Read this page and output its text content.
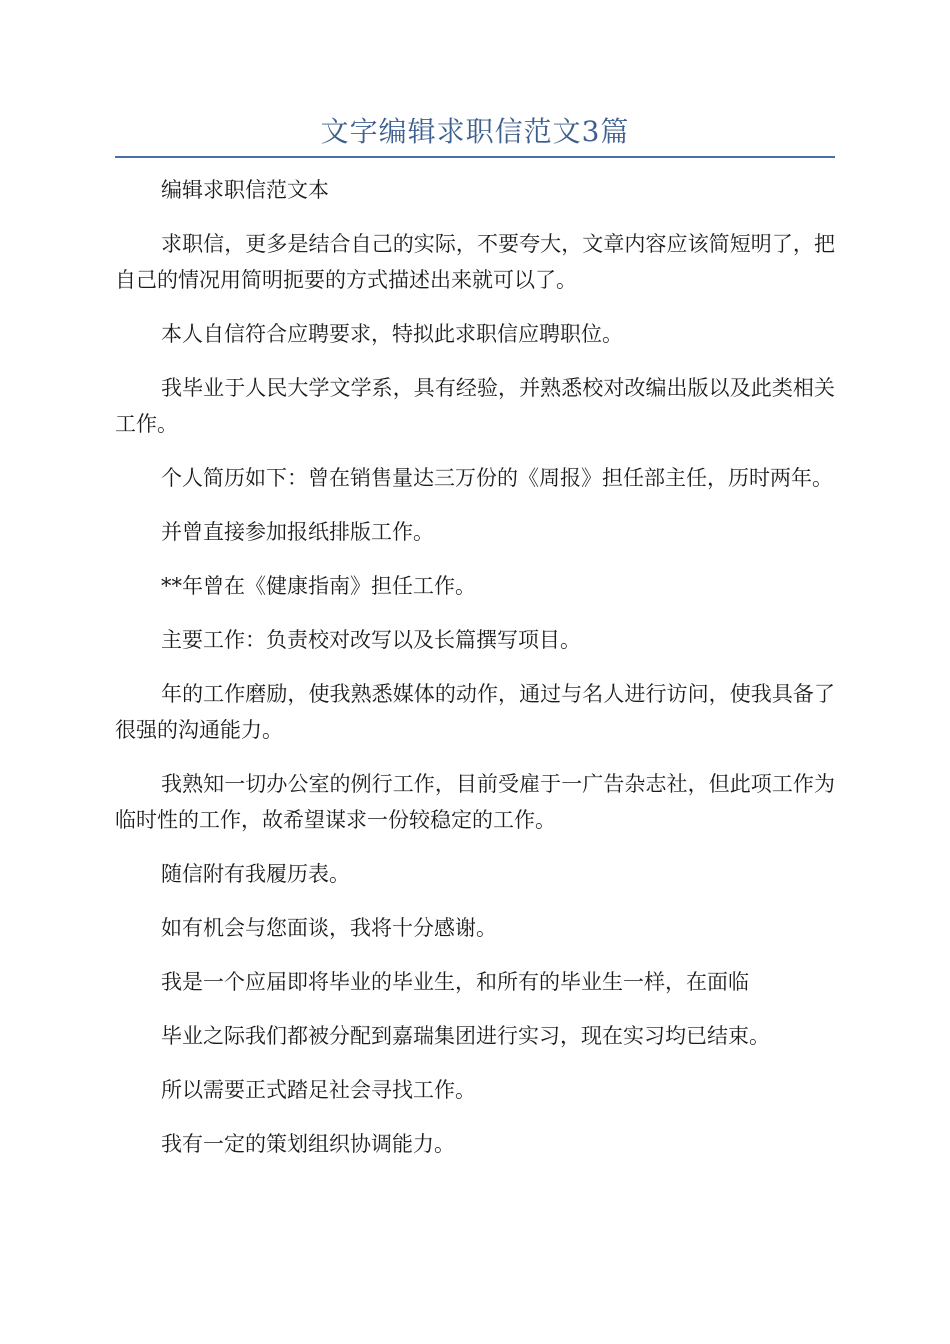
文字编辑求职信范文3篇

编辑求职信范文本

求职信，更多是结合自己的实际，不要夸大，文章内容应该简短明了，把自己的情况用简明扼要的方式描述出来就可以了。

本人自信符合应聘要求，特拟此求职信应聘职位。

我毕业于人民大学文学系，具有经验，并熟悉校对改编出版以及此类相关工作。

个人简历如下：曾在销售量达三万份的《周报》担任部主任，历时两年。

并曾直接参加报纸排版工作。

**年曾在《健康指南》担任工作。

主要工作：负责校对改写以及长篇撰写项目。

年的工作磨励，使我熟悉媒体的动作，通过与名人进行访问，使我具备了很强的沟通能力。

我熟知一切办公室的例行工作，目前受雇于一广告杂志社，但此项工作为临时性的工作，故希望谋求一份较稳定的工作。

随信附有我履历表。

如有机会与您面谈，我将十分感谢。

我是一个应届即将毕业的毕业生，和所有的毕业生一样，在面临

毕业之际我们都被分配到嘉瑞集团进行实习，现在实习均已结束。

所以需要正式踏足社会寻找工作。

我有一定的策划组织协调能力。
